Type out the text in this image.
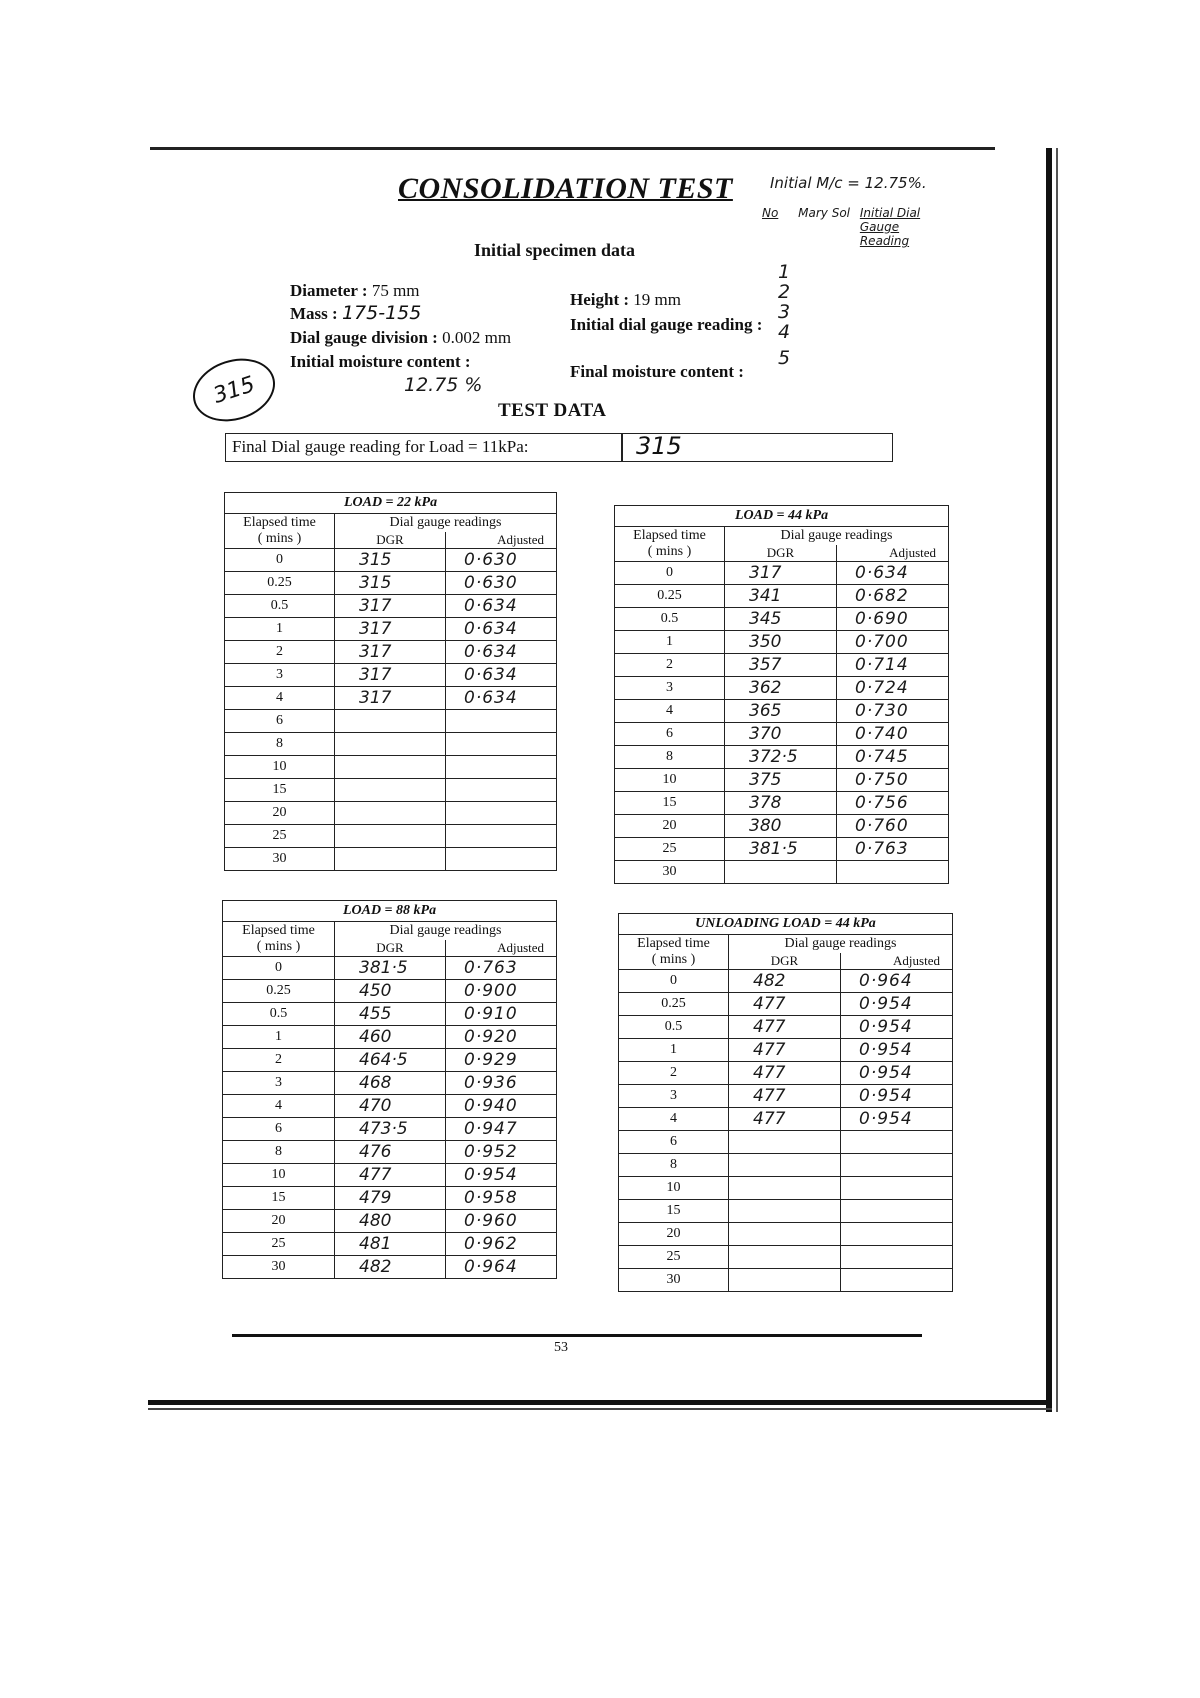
CONSOLIDATION TEST
Initial specimen data
Initial M/c = 12.75%.
No Mary Sol Initial Dial Gauge Reading
1
2
3
4
5
Diameter : 75 mm
Mass : 175-155
Dial gauge division : 0.002 mm
Initial moisture content :
12.75 %
Height : 19 mm
Initial dial gauge reading :
Final moisture content :
315
TEST DATA
Final Dial gauge reading for Load = 11kPa:	315
LOAD = 22 kPa		

Elapsed time
( mins )	Dial gauge readings	
	DGR	Adjusted
0	315	0·630
0.25	315	0·630
0.5	317	0·634
1	317	0·634
2	317	0·634
3	317	0·634
4	317	0·634
6		
8		
10		
15		
20		
25		
30		
LOAD = 44 kPa		

Elapsed time
( mins )	Dial gauge readings	
	DGR	Adjusted
0	317	0·634
0.25	341	0·682
0.5	345	0·690
1	350	0·700
2	357	0·714
3	362	0·724
4	365	0·730
6	370	0·740
8	372·5	0·745
10	375	0·750
15	378	0·756
20	380	0·760
25	381·5	0·763
30		
LOAD = 88 kPa		

Elapsed time
( mins )	Dial gauge readings	
	DGR	Adjusted
0	381·5	0·763
0.25	450	0·900
0.5	455	0·910
1	460	0·920
2	464·5	0·929
3	468	0·936
4	470	0·940
6	473·5	0·947
8	476	0·952
10	477	0·954
15	479	0·958
20	480	0·960
25	481	0·962
30	482	0·964
UNLOADING LOAD = 44 kPa		

Elapsed time
( mins )	Dial gauge readings	
	DGR	Adjusted
0	482	0·964
0.25	477	0·954
0.5	477	0·954
1	477	0·954
2	477	0·954
3	477	0·954
4	477	0·954
6		
8		
10		
15		
20		
25		
30		
53
